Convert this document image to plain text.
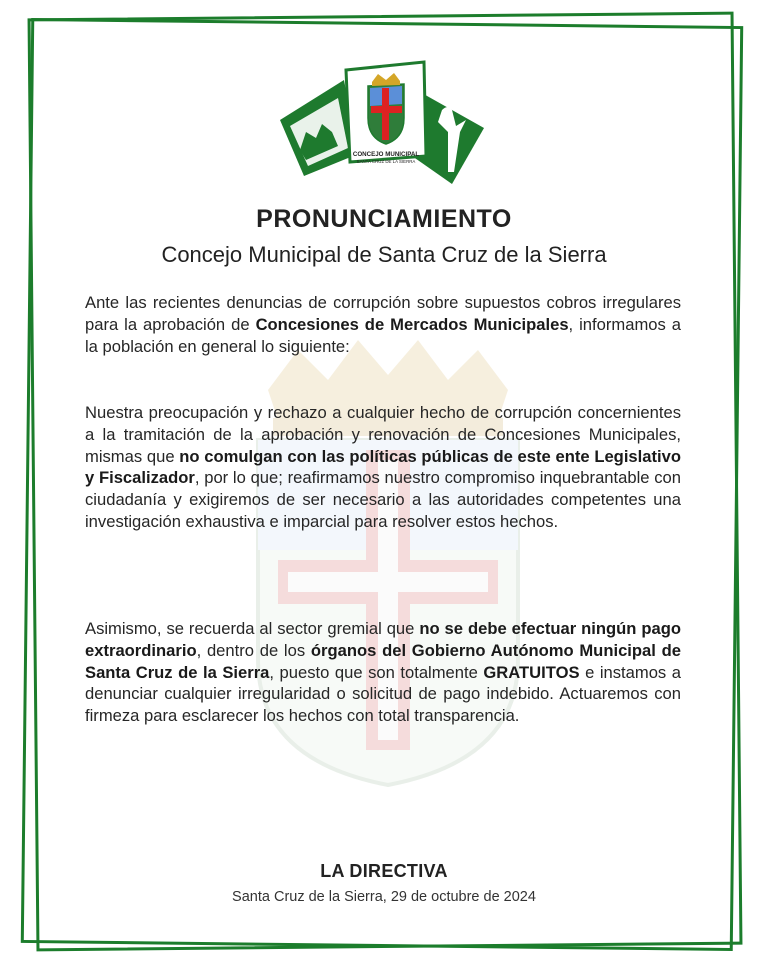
CONCEJO MUNICIPAL
SANTA CRUZ DE LA SIERRA
PRONUNCIAMIENTO
Concejo Municipal de Santa Cruz de la Sierra
Ante las recientes denuncias de corrupción sobre supuestos cobros irregulares para la aprobación de Concesiones de Mercados Municipales, informamos a la población en general lo siguiente:
Nuestra preocupación y rechazo a cualquier hecho de corrupción concernientes a la tramitación de la aprobación y renovación de Concesiones Municipales, mismas que no comulgan con las políticas públicas de este ente Legislativo y Fiscalizador, por lo que; reafirmamos nuestro compromiso inquebrantable con ciudadanía y exigiremos de ser necesario a las autoridades competentes una investigación exhaustiva e imparcial para resolver estos hechos.
Asimismo, se recuerda al sector gremial que no se debe efectuar ningún pago extraordinario, dentro de los órganos del Gobierno Autónomo Municipal de Santa Cruz de la Sierra, puesto que son totalmente GRATUITOS e instamos a denunciar cualquier irregularidad o solicitud de pago indebido. Actuaremos con firmeza para esclarecer los hechos con total transparencia.
LA DIRECTIVA
Santa Cruz de la Sierra, 29 de octubre de 2024
